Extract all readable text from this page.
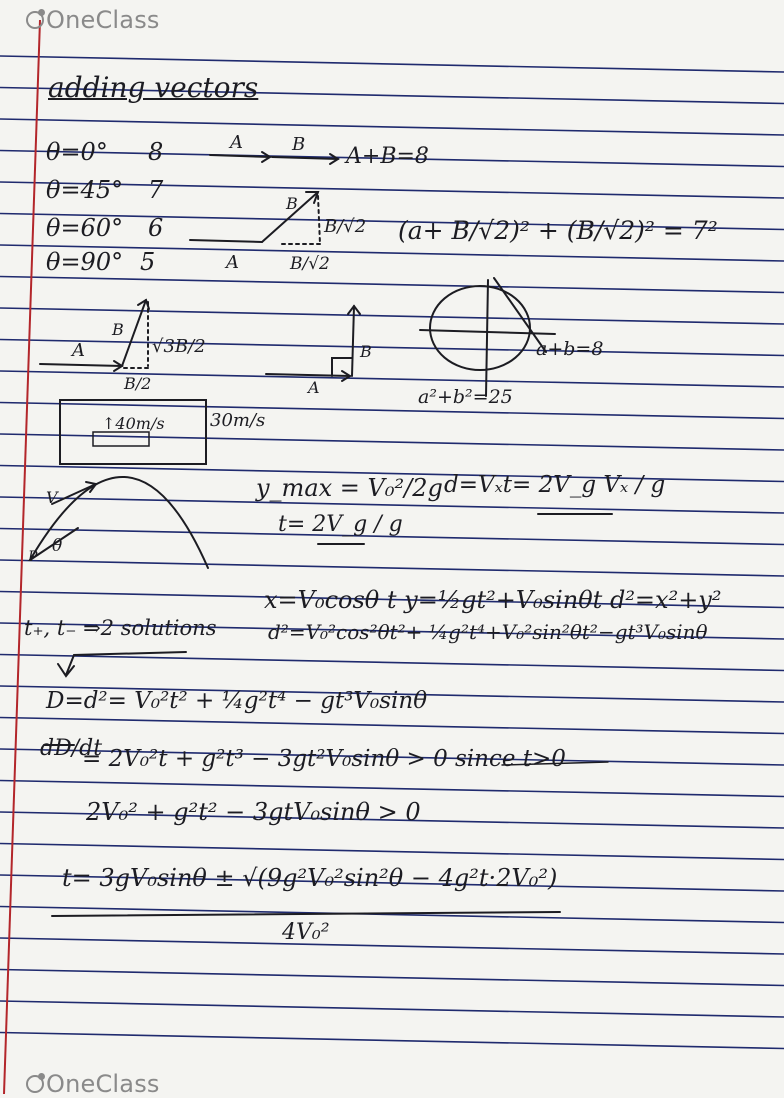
OneClass
adding vectors
θ=0° 8
θ=45° 7
θ=60° 6
θ=90° 5
A	B A+B=8
B
B/√2
A	B/√2
(a+ B/√2)² + (B/√2)² = 7²
A
B
√3B/2
B/2
B
A
a+b=8
a²+b²=25
↑40m/s	30m/s
V
P
θ
y_max = V₀²/2g d=Vₓt= 2V_g Vₓ / g
t= 2V_g / g
x=V₀cosθ t y=½gt²+V₀sinθt d²=x²+y²
t₊, t₋ ⇒2 solutions	d²=V₀²cos²θt²+ ¼g²t⁴+V₀²sin²θt²−gt³V₀sinθ
D=d²= V₀²t² + ¼g²t⁴ − gt³V₀sinθ
dD/dt
= 2V₀²t + g²t³ − 3gt²V₀sinθ > 0 since t>0
2V₀² + g²t² − 3gtV₀sinθ > 0
t= 3gV₀sinθ ± √(9g²V₀²sin²θ − 4g²t·2V₀²)
4V₀²
OneClass
